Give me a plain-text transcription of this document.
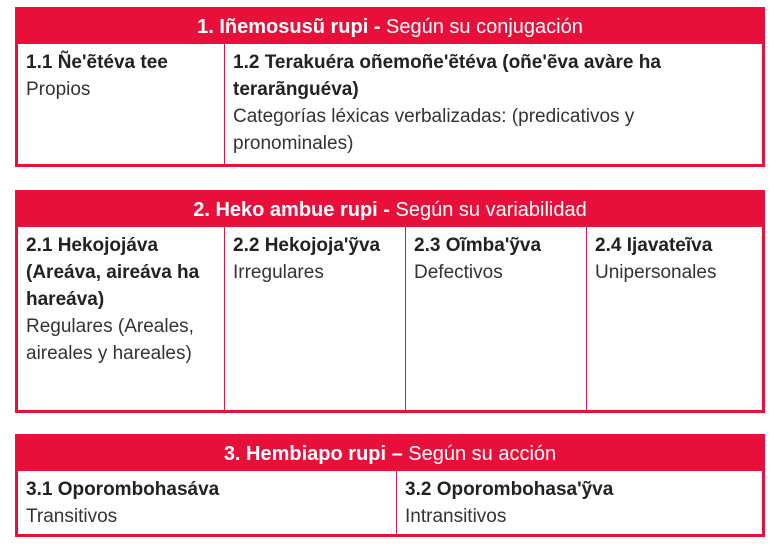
1. Iñemosusũ rupi - Según su conjugación
1.1 Ñe'ẽtéva tee
Propios
1.2 Terakuéra oñemoñe'ẽtéva (oñe'ẽva avàre ha terarãnguéva)
Categorías léxicas verbalizadas: (predicativos y pronominales)
2. Heko ambue rupi - Según su variabilidad
2.1 Hekojojáva (Areáva, aireáva ha hareáva)
Regulares (Areales, aireales y hareales)
2.2 Hekojoja'ỹva
Irregulares
2.3 Oĩmba'ỹva
Defectivos
2.4 Ijavateĩva
Unipersonales
3. Hembiapo rupi – Según su acción
3.1 Oporombohasáva
Transitivos
3.2 Oporombohasa'ỹva
Intransitivos
